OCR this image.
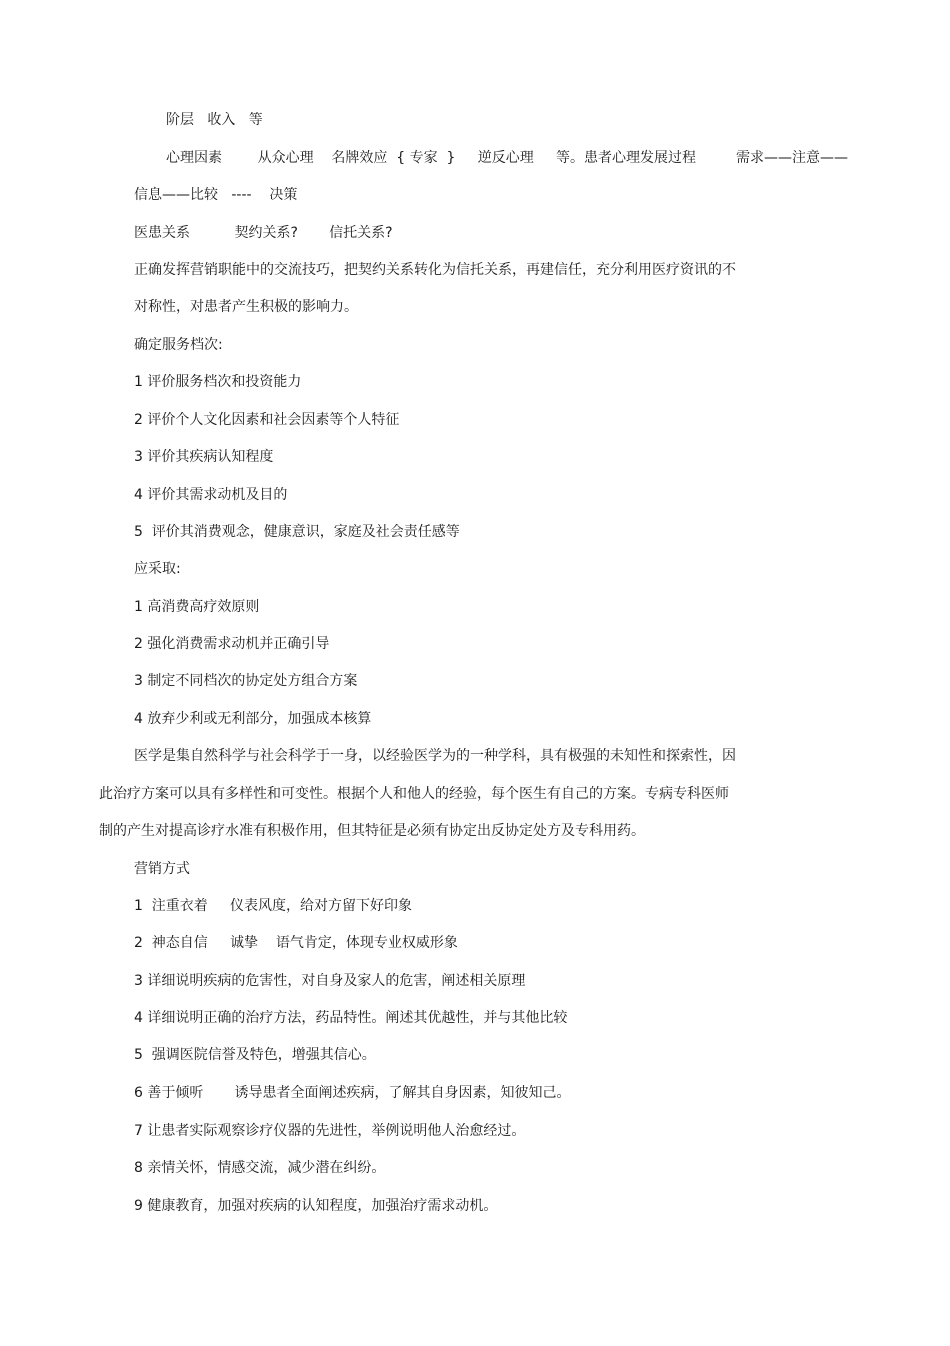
阶层   收入   等
心理因素        从众心理    名牌效应  { 专家  }     逆反心理     等。患者心理发展过程         需求——注意——
信息——比较   ----    决策
医患关系          契约关系?       信托关系?
正确发挥营销职能中的交流技巧，把契约关系转化为信托关系，再建信任，充分利用医疗资讯的不
对称性，对患者产生积极的影响力。
确定服务档次:
1 评价服务档次和投资能力
2 评价个人文化因素和社会因素等个人特征
3 评价其疾病认知程度
4 评价其需求动机及目的
5  评价其消费观念，健康意识，家庭及社会责任感等
应采取:
1 高消费高疗效原则
2 强化消费需求动机并正确引导
3 制定不同档次的协定处方组合方案
4 放弃少利或无利部分，加强成本核算
医学是集自然科学与社会科学于一身，以经验医学为的一种学科，具有极强的未知性和探索性，因
此治疗方案可以具有多样性和可变性。根据个人和他人的经验，每个医生有自己的方案。专病专科医师
制的产生对提高诊疗水准有积极作用，但其特征是必须有协定出反协定处方及专科用药。
营销方式
1  注重衣着     仪表风度，给对方留下好印象
2  神态自信     诚挚    语气肯定，体现专业权威形象
3 详细说明疾病的危害性，对自身及家人的危害，阐述相关原理
4 详细说明正确的治疗方法，药品特性。阐述其优越性，并与其他比较
5  强调医院信誉及特色，增强其信心。
6 善于倾听       诱导患者全面阐述疾病，了解其自身因素，知彼知己。
7 让患者实际观察诊疗仪器的先进性，举例说明他人治愈经过。
8 亲情关怀，情感交流，减少潜在纠纷。
9 健康教育，加强对疾病的认知程度，加强治疗需求动机。
